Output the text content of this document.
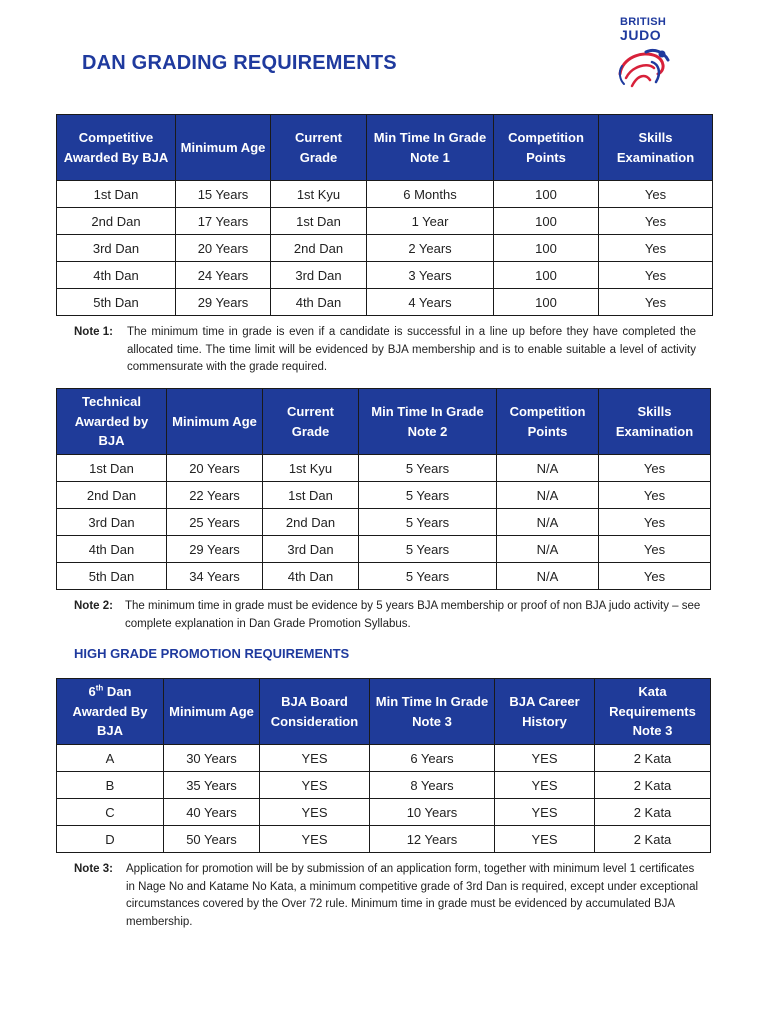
DAN GRADING REQUIREMENTS
BRITISH
JUDO
Competitive Awarded By BJA	Minimum Age	Current Grade	Min Time In Grade Note 1	Competition Points	Skills Examination
1st Dan	15 Years	1st Kyu	6 Months	100	Yes
2nd Dan	17 Years	1st Dan	1 Year	100	Yes
3rd Dan	20 Years	2nd Dan	2 Years	100	Yes
4th Dan	24 Years	3rd Dan	3 Years	100	Yes
5th Dan	29 Years	4th Dan	4 Years	100	Yes
Note 1:	The minimum time in grade is even if a candidate is successful in a line up before they have completed the allocated time. The time limit will be evidenced by BJA membership and is to enable suitable a level of activity commensurate with the grade required.
Technical Awarded by BJA	Minimum Age	Current Grade	Min Time In Grade Note 2	Competition Points	Skills Examination
1st Dan	20 Years	1st Kyu	5 Years	N/A	Yes
2nd Dan	22 Years	1st Dan	5 Years	N/A	Yes
3rd Dan	25 Years	2nd Dan	5 Years	N/A	Yes
4th Dan	29 Years	3rd Dan	5 Years	N/A	Yes
5th Dan	34 Years	4th Dan	5 Years	N/A	Yes
Note 2:	The minimum time in grade must be evidence by 5 years BJA membership or proof of non BJA judo activity – see complete explanation in Dan Grade Promotion Syllabus.
HIGH GRADE PROMOTION REQUIREMENTS
6th Dan
Awarded By BJA	Minimum Age	BJA Board Consideration	Min Time In Grade Note 3	BJA Career History	Kata Requirements Note 3
A	30 Years	YES	6 Years	YES	2 Kata
B	35 Years	YES	8 Years	YES	2 Kata
C	40 Years	YES	10 Years	YES	2 Kata
D	50 Years	YES	12 Years	YES	2 Kata
Note 3:	Application for promotion will be by submission of an application form, together with minimum level 1 certificates in Nage No and Katame No Kata, a minimum competitive grade of 3rd Dan is required, except under exceptional circumstances covered by the Over 72 rule. Minimum time in grade must be evidenced by accumulated BJA membership.
